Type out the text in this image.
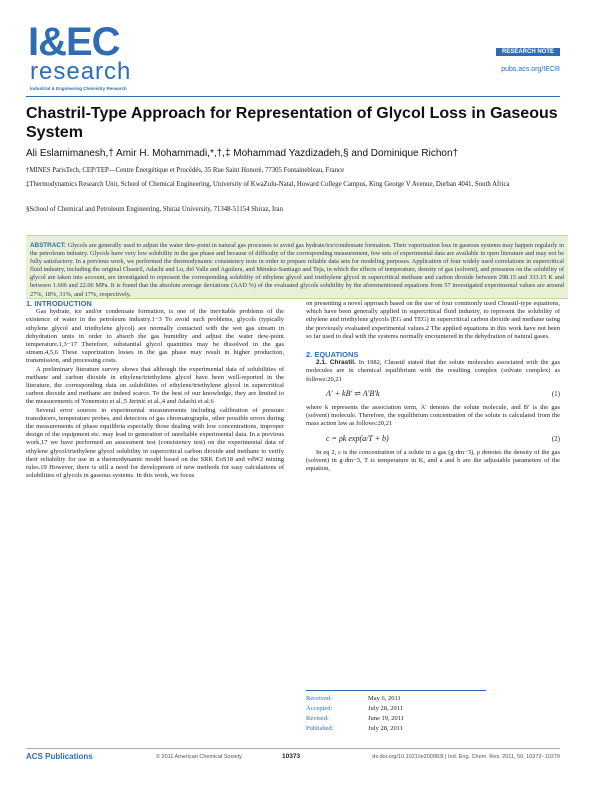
I&EC
research
Industrial & Engineering Chemistry Research
RESEARCH NOTE
pubs.acs.org/IECR
Chastril-Type Approach for Representation of Glycol Loss in Gaseous System
Ali Eslamimanesh,† Amir H. Mohammadi,*,†,‡ Mohammad Yazdizadeh,§ and Dominique Richon†
†MINES ParisTech, CEP/TEP—Centre Énergétique et Procédés, 35 Rue Saint Honoré, 77305 Fontainebleau, France
‡Thermodynamics Research Unit, School of Chemical Engineering, University of KwaZulu-Natal, Howard College Campus, King George V Avenue, Durban 4041, South Africa
§School of Chemical and Petroleum Engineering, Shiraz University, 71348-51154 Shiraz, Iran
ABSTRACT: Glycols are generally used to adjust the water dew-point in natural gas processes to avoid gas hydrate/ice/condensate formation. Their vaporization loss in gaseous systems may happen regularly in the petroleum industry. Glycols have very low solubility in the gas phase and because of difficulty of the corresponding measurement, few sets of experimental data are available in open literature and may not be fully satisfactory. In a previous work, we performed the thermodynamic consistency tests in order to prepare reliable data sets for modeling purposes. Application of four widely used correlations in supercritical fluid industry, including the original Chastril, Adachi and Lu, del Valle and Aguilera, and Méndez-Santiago and Teja, in which the effects of temperature, density of gas (solvent), and pressures on the solubility of glycol are taken into account, are investigated to represent the corresponding solubility of ethylene glycol and triethylene glycol in supercritical methane and carbon dioxide between 298.15 and 333.15 K and between 1.606 and 22.06 MPa. It is found that the absolute average deviations (AAD %) of the evaluated glycols solubility by the aforementioned equations from 57 investigated experimental values are around 27%, 18%, 31%, and 17%, respectively.

1. INTRODUCTION

Gas hydrate, ice and/or condensate formation, is one of the inevitable problems of the existence of water in the petroleum industry.1−3 To avoid such problems, glycols (typically ethylene glycol and triethylene glycol) are normally contacted with the wet gas stream in dehydration units in order to absorb the gas humidity and adjust the water dew-point temperature.1,3−17 Therefore, substantial glycol quantities may be dissolved in the gas stream.4,5,6 These vaporization losses in the gas phase may result in higher production, transmission, and processing costs.

A preliminary literature survey shows that although the experimental data of solubilities of methane and carbon dioxide in ethylene/triethylene glycol have been well-reported in the literature, the corresponding data on solubilities of ethylene/triethylene glycol in supercritical carbon dioxide and methane are indeed scarce. To the best of our knowledge, they are limited to the measurements of Yonemoto et al.,5 Jerinić et al.,4 and Adachi et al.6

Several error sources in experimental measurements including calibration of pressure transducers, temperature probes, and detectors of gas chromatographs, other possible errors during the measurements of phase equilibria especially those dealing with low concentrations, improper design of the equipment etc. may lead to generation of unreliable experimental data. In a previous work,17 we have performed an assessment test (consistency test) on the experimental data of ethylene glycol/triethylene glycol solubility in supercritical carbon dioxide and methane to verify their reliability for use in a thermodynamic model based on the SRK EoS18 and vdW2 mixing rules.19 However, there is still a need for development of new methods for easy calculations of solubilities of glycols in gaseous systems. In this work, we focus

on presenting a novel approach based on the use of four commonly used Chrastil-type equations, which have been generally applied in supercritical fluid industry, to represent the solubility of ethylene and triethylene glycols (EG and TEG) in supercritical carbon dioxide and methane using the previously evaluated experimental values.2 The applied equations in this work have not been so far used to deal with the systems normally encountered in the dehydration of natural gases.

2. EQUATIONS

2.1. Chrastil. In 1982, Chrastil stated that the solute molecules associated with the gas molecules are in chemical equilibrium with the resulting complex (solvate complex) as follows:20,21

A′ + kB′ ⇌ A′B′k	(1)

where k represents the association term, A′ denotes the solute molecule, and B′ is the gas (solvent) molecule. Therefore, the equilibrium concentration of the solute is calculated from the mass action law as follows:20,21

c = ρk exp(a/T + b)	(2)

In eq 2, c is the concentration of a solute in a gas (g·dm−3), ρ denotes the density of the gas (solvent) in g·dm−3, T is temperature in K, and a and b are the adjustable parameters of the equation,

Received:	May 6, 2011
Accepted:	July 28, 2011
Revised:	June 19, 2011
Published:	July 28, 2011
ACS Publications	© 2011 American Chemical Society	10373	dx.doi.org/10.1021/ie200983t | Ind. Eng. Chem. Res. 2011, 50, 10373−10379
